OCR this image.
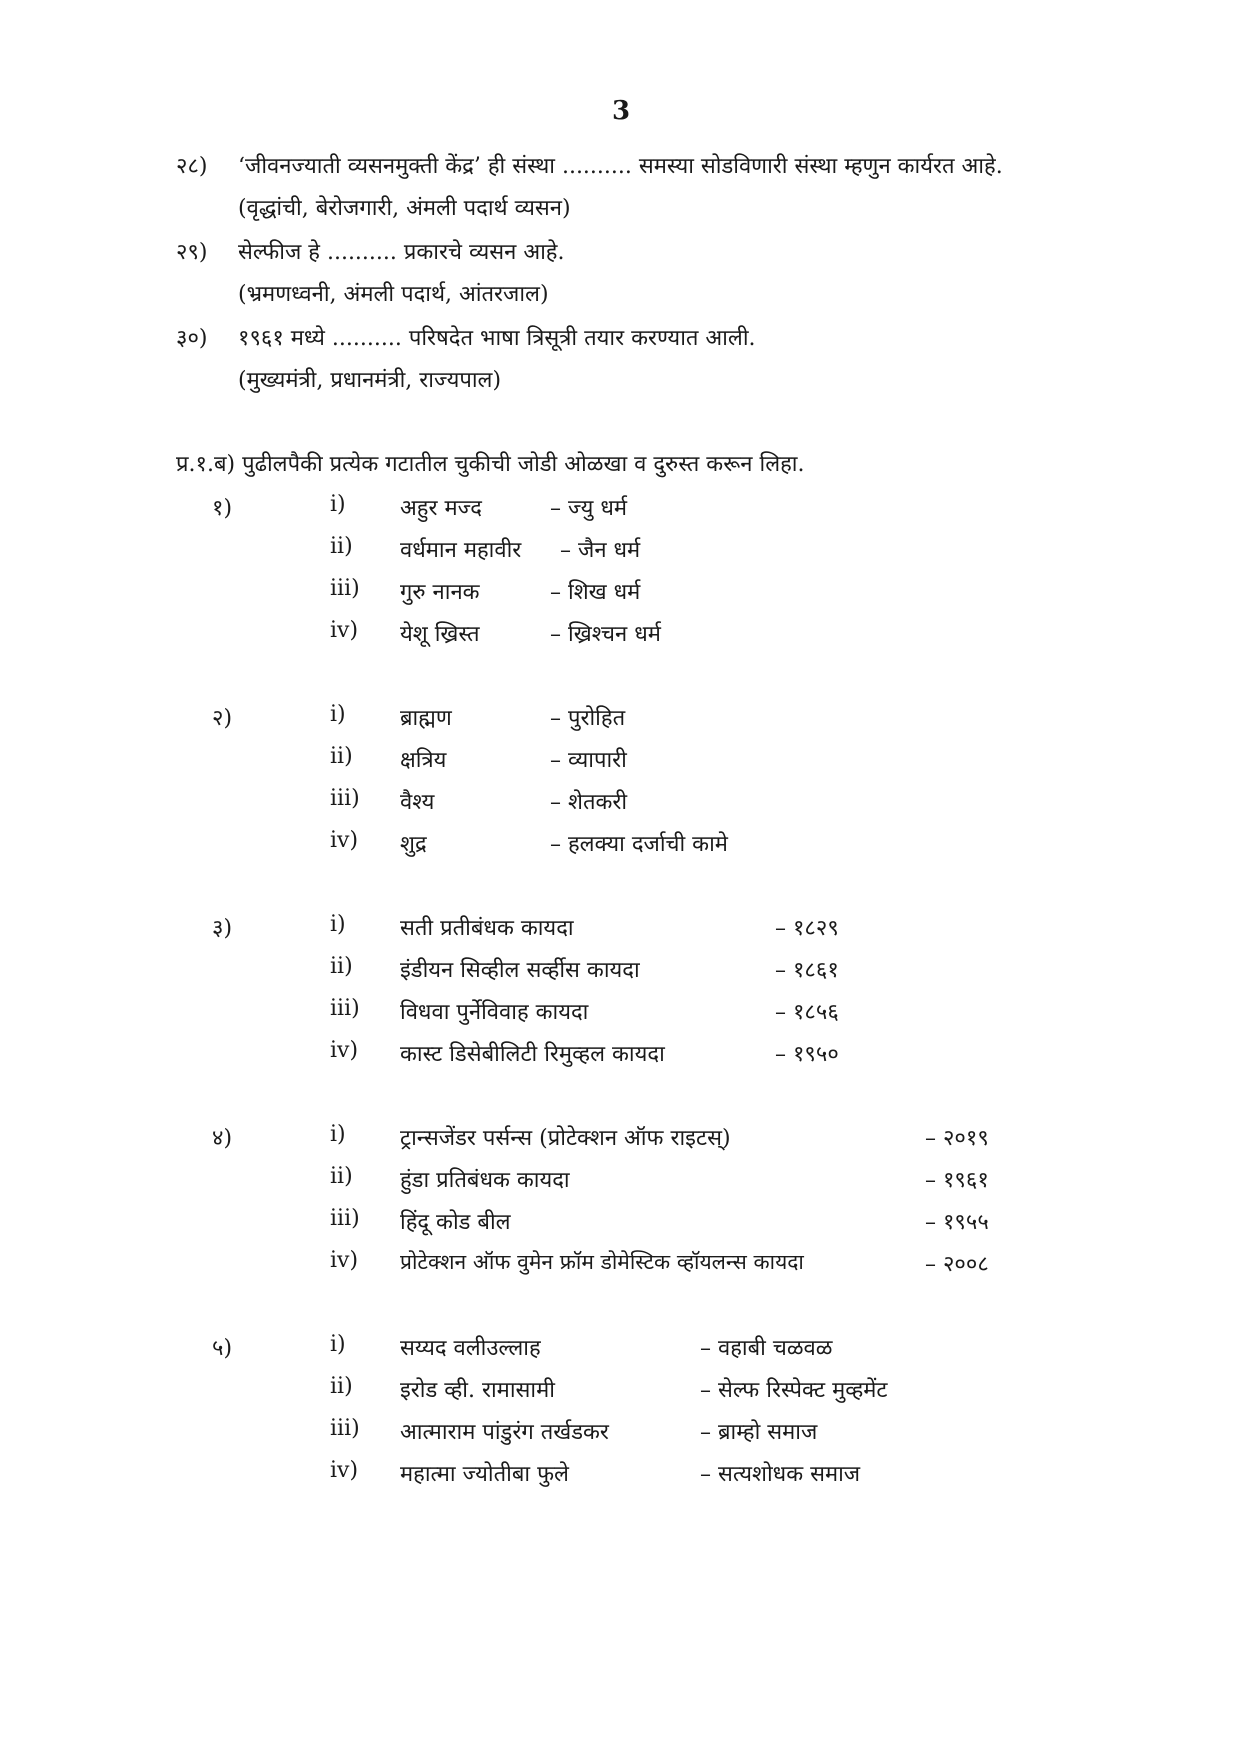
3
२८) ‘जीवनज्याती व्यसनमुक्ती केंद्र’ ही संस्था .......... समस्या सोडविणारी संस्था म्हणुन कार्यरत आहे.
(वृद्धांची, बेरोजगारी, अंमली पदार्थ व्यसन)
२९) सेल्फीज हे .......... प्रकारचे व्यसन आहे.
(भ्रमणध्वनी, अंमली पदार्थ, आंतरजाल)
३०) १९६१ मध्ये .......... परिषदेत भाषा त्रिसूत्री तयार करण्यात आली.
(मुख्यमंत्री, प्रधानमंत्री, राज्यपाल)
प्र.१.ब) पुढीलपैकी प्रत्येक गटातील चुकीची जोडी ओळखा व दुरुस्त करून लिहा.
१)	i) अहुर मज्द	– ज्यु धर्म
ii) वर्धमान महावीर – जैन धर्म
iii) गुरु नानक	– शिख धर्म
iv) येशू ख्रिस्त	– ख्रिश्चन धर्म
२)	i) ब्राह्मण	– पुरोहित
ii) क्षत्रिय	– व्यापारी
iii) वैश्य	– शेतकरी
iv) शुद्र	– हलक्या दर्जाची कामे
३)	i) सती प्रतीबंधक कायदा	– १८२९
ii) इंडीयन सिव्हील सर्व्हीस कायदा	– १८६१
iii) विधवा पुर्नेविवाह कायदा	– १८५६
iv) कास्ट डिसेबीलिटी रिमुव्हल कायदा	– १९५०
४)	i) ट्रान्सजेंडर पर्सन्स (प्रोटेक्शन ऑफ राइटस्)	– २०१९
ii) हुंडा प्रतिबंधक कायदा	– १९६१
iii) हिंदू कोड बील	– १९५५
iv) प्रोटेक्शन ऑफ वुमेन फ्रॉम डोमेस्टिक व्हॉयलन्स कायदा	– २००८
५)	i) सय्यद वलीउल्लाह	– वहाबी चळवळ
ii) इरोड व्ही. रामासामी	– सेल्फ रिस्पेक्ट मुव्हमेंट
iii) आत्माराम पांडुरंग तर्खडकर	– ब्राम्हो समाज
iv) महात्मा ज्योतीबा फुले	– सत्यशोधक समाज
